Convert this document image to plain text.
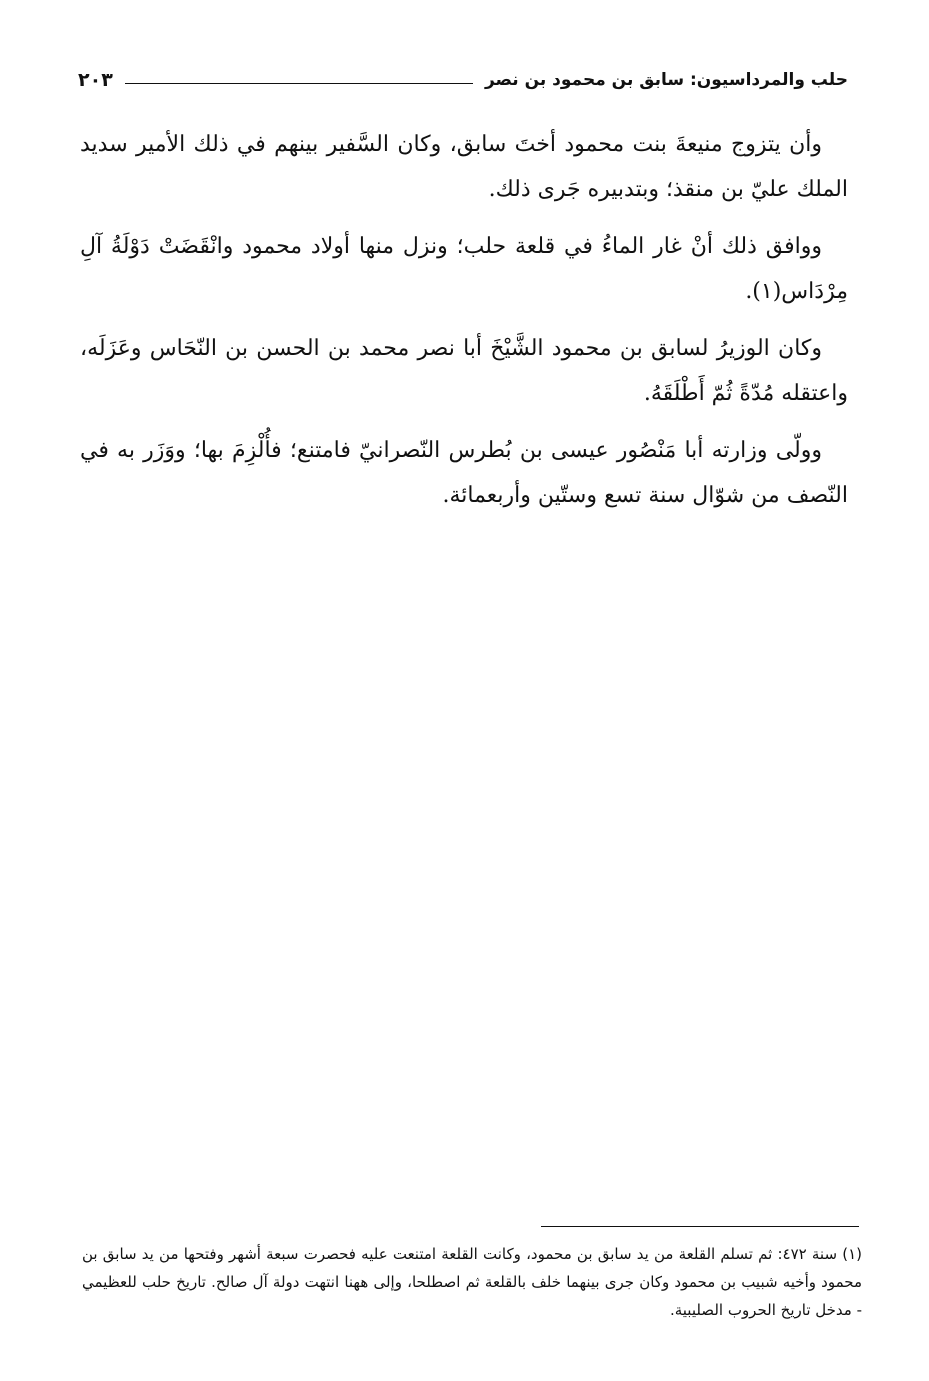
حلب والمرداسيون: سابق بن محمود بن نصر
٢٠٣

وأن يتزوج منيعةَ بنت محمود أختَ سابق، وكان السَّفير بينهم في ذلك الأمير سديد الملك عليّ بن منقذ؛ وبتدبيره جَرى ذلك.

ووافق ذلك أنْ غار الماءُ في قلعة حلب؛ ونزل منها أولاد محمود وانْقَضَتْ دَوْلَةُ آلِ مِرْدَاس(١).

وكان الوزيرُ لسابق بن محمود الشَّيْخَ أبا نصر محمد بن الحسن بن النّحَاس وعَزَلَه، واعتقله مُدّةً ثُمّ أَطْلَقَهُ.

وولّى وزارته أبا مَنْصُور عيسى بن بُطرس النّصرانيّ فامتنع؛ فأُلْزِمَ بها؛ ووَزَر به في النّصف من شوّال سنة تسع وستّين وأربعمائة.

(١) سنة ٤٧٢: ثم تسلم القلعة من يد سابق بن محمود، وكانت القلعة امتنعت عليه فحصرت سبعة أشهر وفتحها من يد سابق بن محمود وأخيه شبيب بن محمود وكان جرى بينهما خلف بالقلعة ثم اصطلحا، وإلى ههنا انتهت دولة آل صالح. تاريخ حلب للعظيمي - مدخل تاريخ الحروب الصليبية.
